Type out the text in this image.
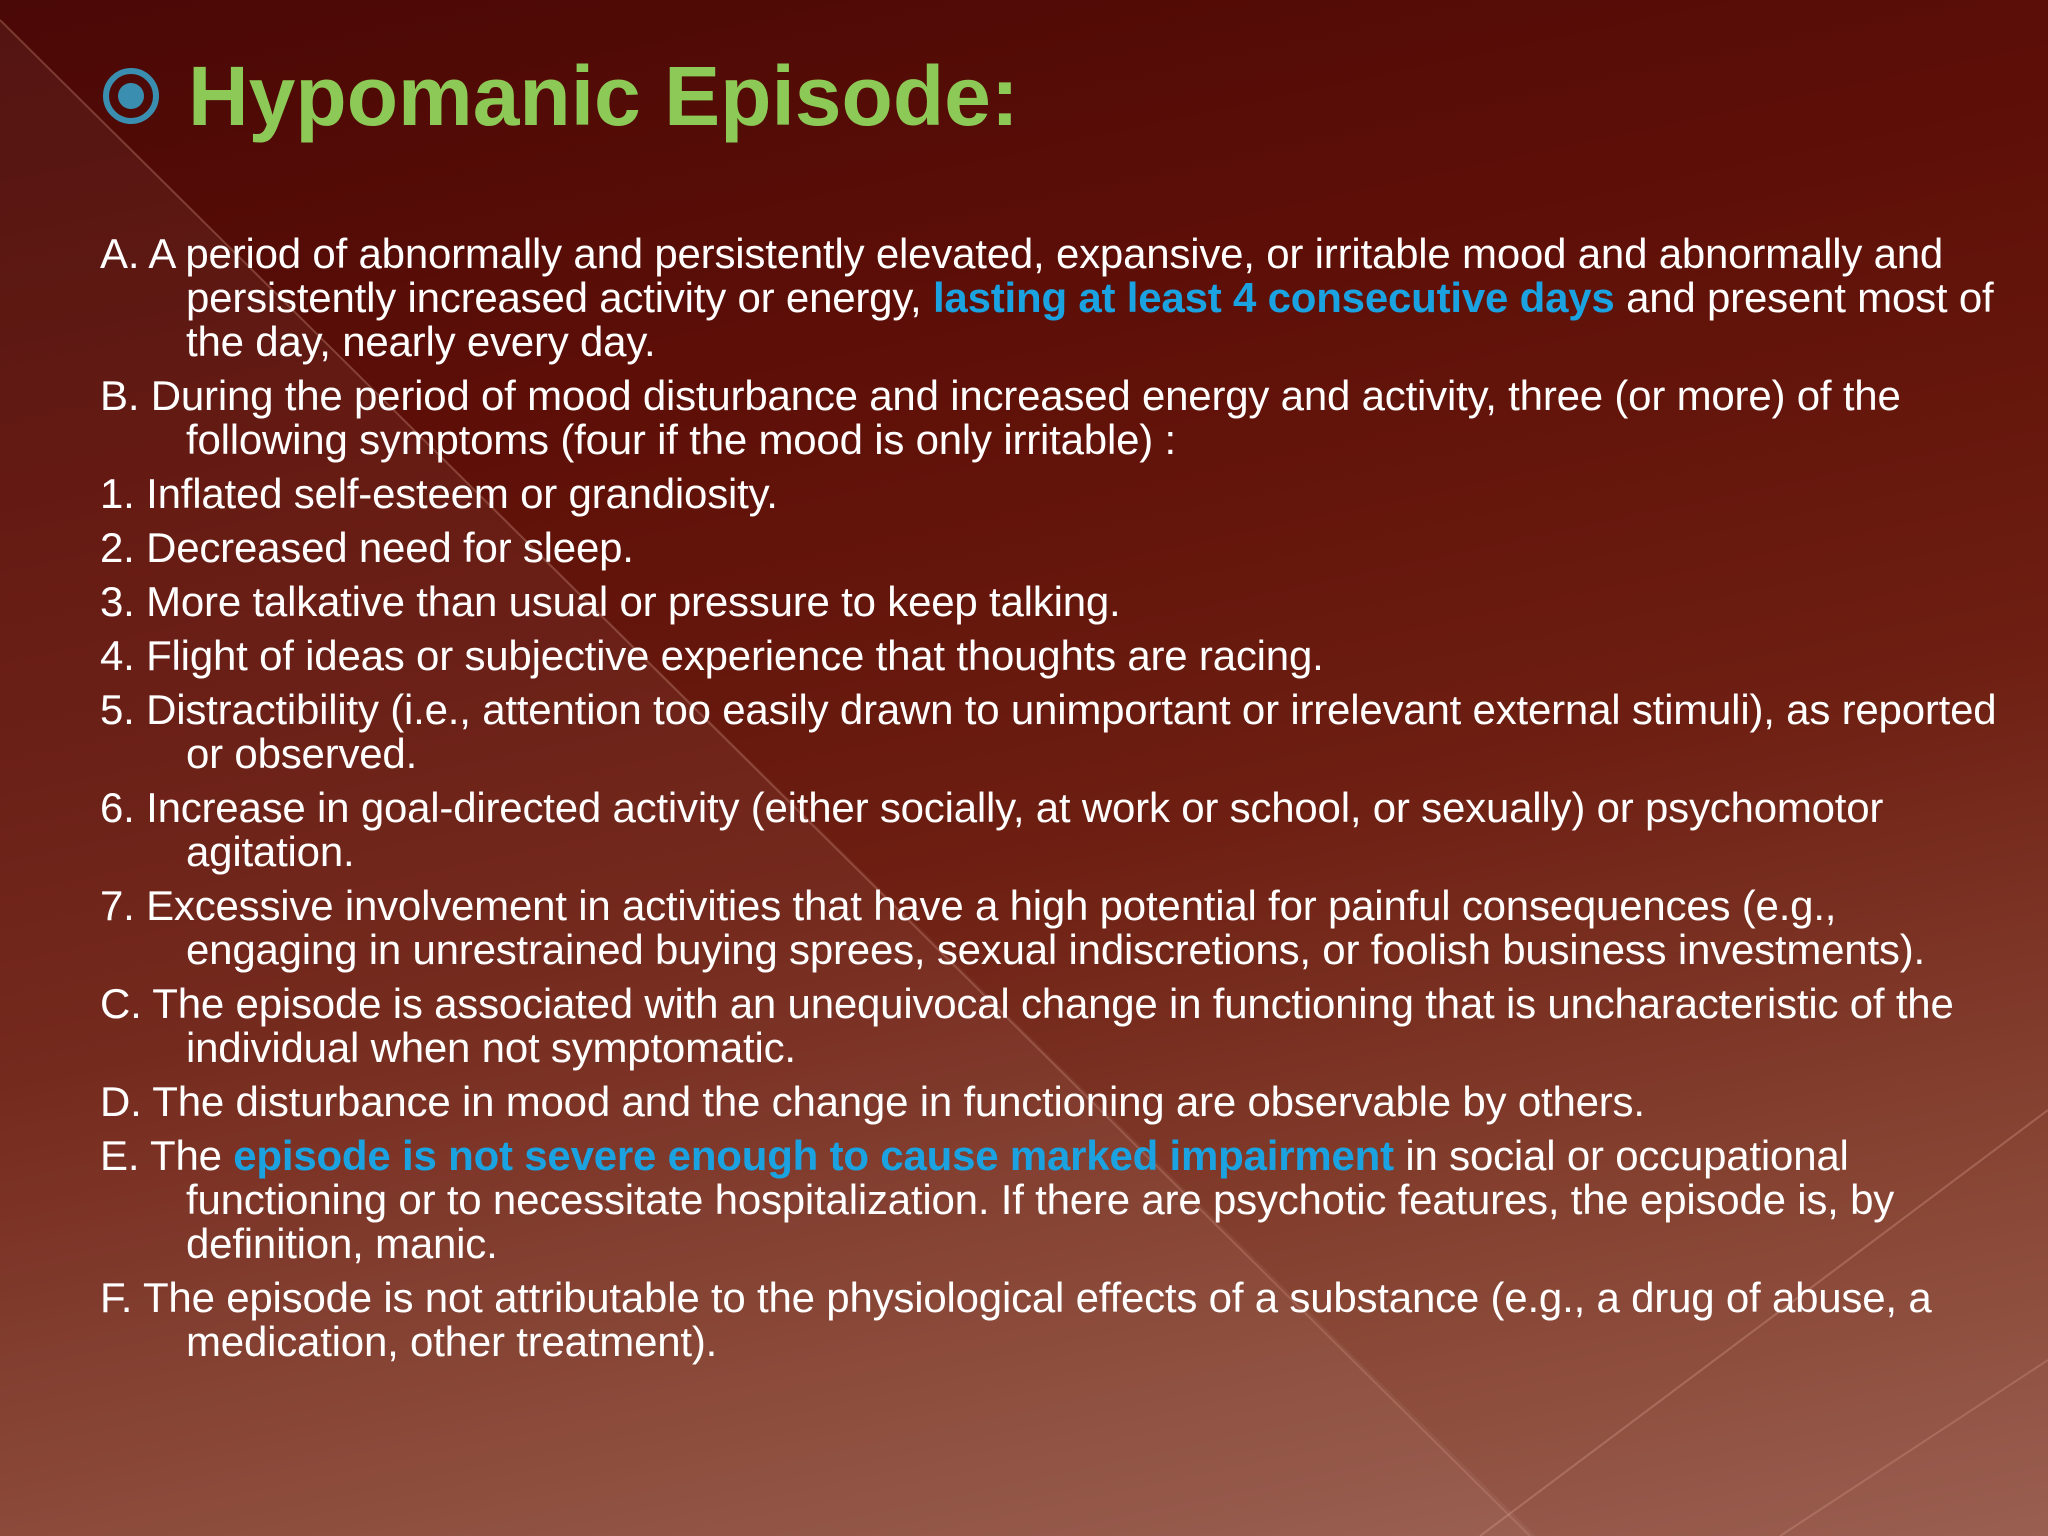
Hypomanic Episode:

A. A period of abnormally and persistently elevated, expansive, or irritable mood and abnormally and persistently increased activity or energy, lasting at least 4 consecutive days and present most of the day, nearly every day.

B. During the period of mood disturbance and increased energy and activity, three (or more) of the following symptoms (four if the mood is only irritable) :

1. Inflated self-esteem or grandiosity.

2. Decreased need for sleep.

3. More talkative than usual or pressure to keep talking.

4. Flight of ideas or subjective experience that thoughts are racing.

5. Distractibility (i.e., attention too easily drawn to unimportant or irrelevant external stimuli), as reported or observed.

6. Increase in goal-directed activity (either socially, at work or school, or sexually) or psychomotor agitation.

7. Excessive involvement in activities that have a high potential for painful consequences (e.g., engaging in unrestrained buying sprees, sexual indiscretions, or foolish business investments).

C. The episode is associated with an unequivocal change in functioning that is uncharacteristic of the individual when not symptomatic.

D. The disturbance in mood and the change in functioning are observable by others.

E. The episode is not severe enough to cause marked impairment in social or occupational functioning or to necessitate hospitalization. If there are psychotic features, the episode is, by definition, manic.

F. The episode is not attributable to the physiological effects of a substance (e.g., a drug of abuse, a medication, other treatment).
